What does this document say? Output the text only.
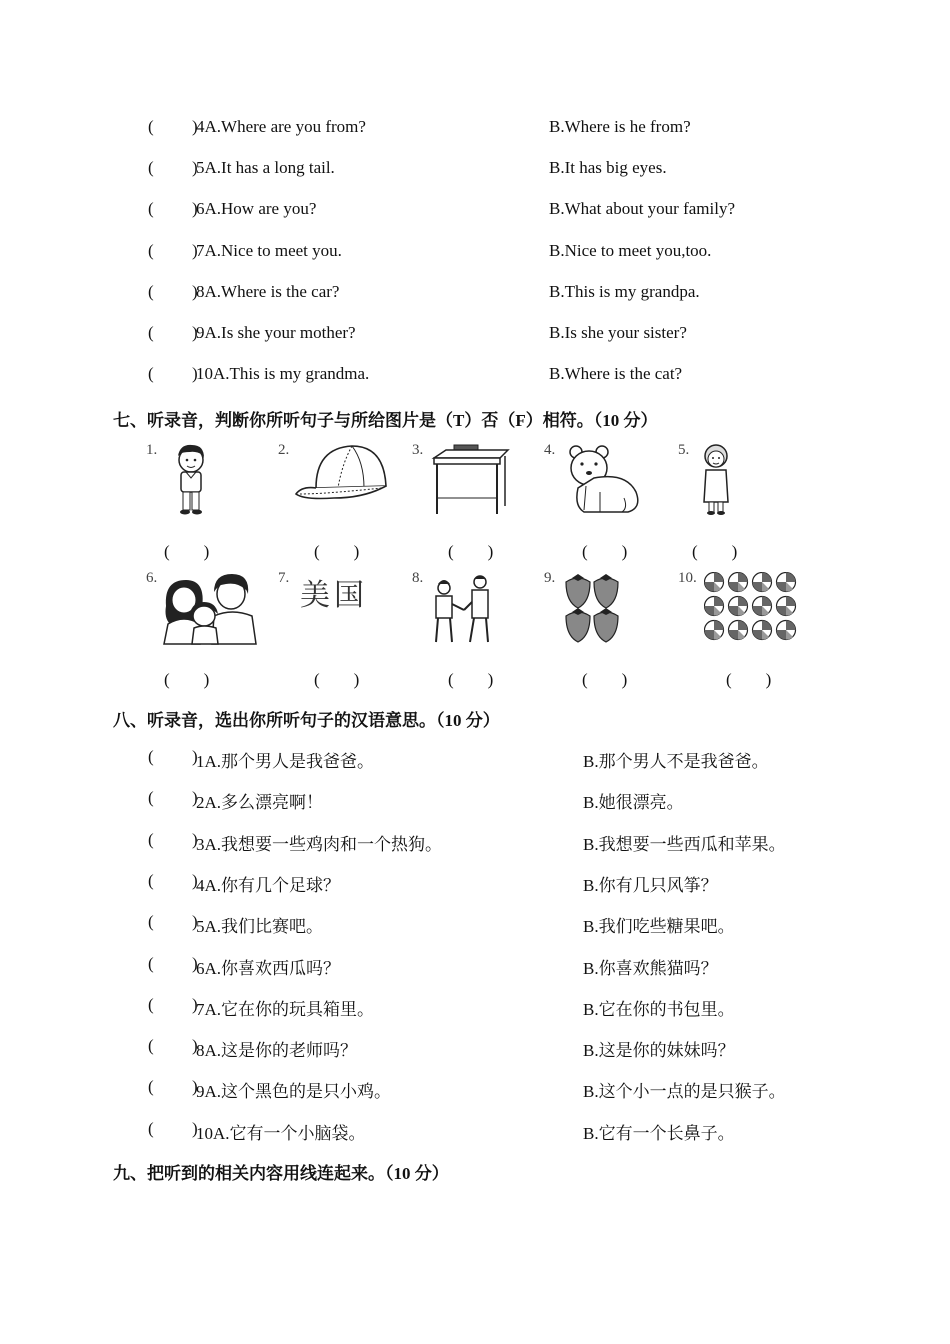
( )
4A.Where are you from?	B.Where is he from?
( )
5A.It has a long tail.	B.It has big eyes.
( )
6A.How are you?	B.What about your family?
( )
7A.Nice to meet you.	B.Nice to meet you,too.
( )
8A.Where is the car?	B.This is my grandpa.
( )
9A.Is she your mother?	B.Is she your sister?
( )
10A.This is my grandma.	B.Where is the cat?
七、听录音，判断你所听句子与所给图片是（T）否（F）相符。（10 分）
1.	2.	3.	4.	5.
(　　)	(　　)	(　　)	(　　)	(　　)
6.	7. 美国	8.	9.	10.
(　　)	(　　)	(　　)	(　　)	(　　)
八、听录音，选出你所听句子的汉语意思。（10 分）
( )
1A.那个男人是我爸爸。	B.那个男人不是我爸爸。
( )
2A.多么漂亮啊！	B.她很漂亮。
( )
3A.我想要一些鸡肉和一个热狗。	B.我想要一些西瓜和苹果。
( )
4A.你有几个足球？	B.你有几只风筝？
( )
5A.我们比赛吧。	B.我们吃些糖果吧。
( )
6A.你喜欢西瓜吗？	B.你喜欢熊猫吗？
( )
7A.它在你的玩具箱里。	B.它在你的书包里。
( )
8A.这是你的老师吗？	B.这是你的妹妹吗？
( )
9A.这个黑色的是只小鸡。	B.这个小一点的是只猴子。
( )
10A.它有一个小脑袋。	B.它有一个长鼻子。
九、把听到的相关内容用线连起来。（10 分）
